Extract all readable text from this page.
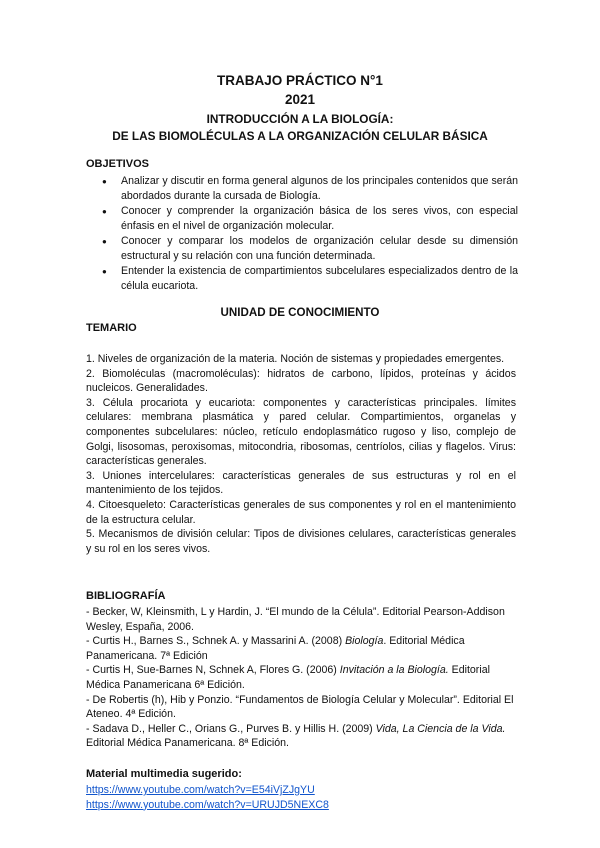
TRABAJO PRÁCTICO N°1
2021
INTRODUCCIÓN A LA BIOLOGÍA:
DE LAS BIOMOLÉCULAS A LA ORGANIZACIÓN CELULAR BÁSICA
OBJETIVOS
● Analizar y discutir en forma general algunos de los principales contenidos que serán abordados durante la cursada de Biología.
● Conocer y comprender la organización básica de los seres vivos, con especial énfasis en el nivel de organización molecular.
● Conocer y comparar los modelos de organización celular desde su dimensión estructural y su relación con una función determinada.
● Entender la existencia de compartimientos subcelulares especializados dentro de la célula eucariota.
UNIDAD DE CONOCIMIENTO
TEMARIO
1. Niveles de organización de la materia. Noción de sistemas y propiedades emergentes.
2. Biomoléculas (macromoléculas): hidratos de carbono, lípidos, proteínas y ácidos nucleicos. Generalidades.
3. Célula procariota y eucariota: componentes y características principales. límites celulares: membrana plasmática y pared celular. Compartimientos, organelas y componentes subcelulares: núcleo, retículo endoplasmático rugoso y liso, complejo de Golgi, lisosomas, peroxisomas, mitocondria, ribosomas, centríolos, cilias y flagelos. Virus: características generales.
3. Uniones intercelulares: características generales de sus estructuras y rol en el mantenimiento de los tejidos.
4. Citoesqueleto: Características generales de sus componentes y rol en el mantenimiento de la estructura celular.
5. Mecanismos de división celular: Tipos de divisiones celulares, características generales y su rol en los seres vivos.
BIBLIOGRAFÍA
- Becker, W, Kleinsmith, L y Hardin, J. “El mundo de la Célula”. Editorial Pearson-Addison Wesley, España, 2006.
- Curtis H., Barnes S., Schnek A. y Massarini A. (2008) Biología. Editorial Médica Panamericana. 7ª Edición
- Curtis H, Sue-Barnes N, Schnek A, Flores G. (2006) Invitación a la Biología. Editorial Médica Panamericana 6ª Edición.
- De Robertis (h), Hib y Ponzio. “Fundamentos de Biología Celular y Molecular”. Editorial El Ateneo. 4ª Edición.
- Sadava D., Heller C., Orians G., Purves B. y Hillis H. (2009) Vida, La Ciencia de la Vida. Editorial Médica Panamericana. 8ª Edición.
Material multimedia sugerido:
https://www.youtube.com/watch?v=E54iVjZJgYU
https://www.youtube.com/watch?v=URUJD5NEXC8
